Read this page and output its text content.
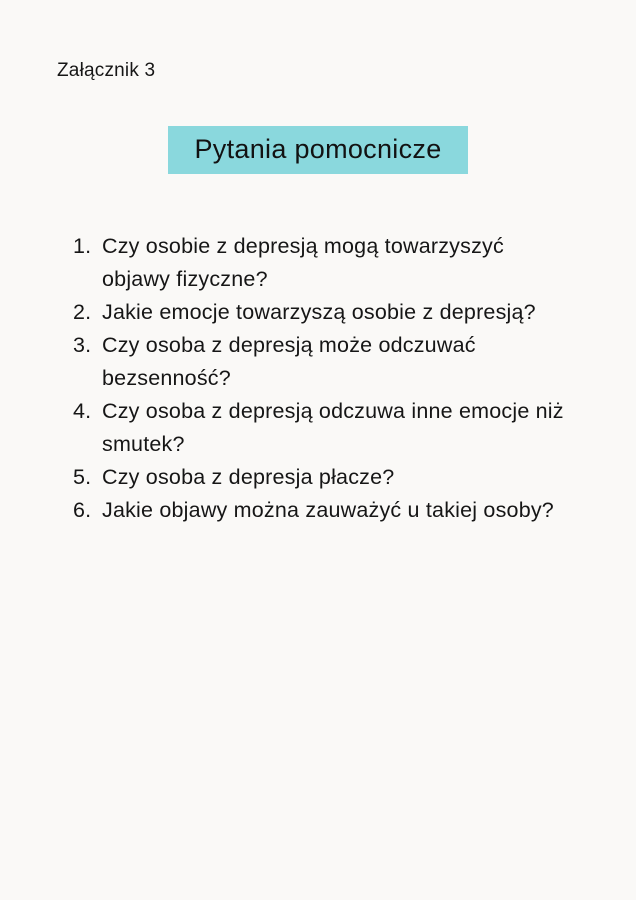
Załącznik 3
Pytania pomocnicze
1. Czy osobie z depresją mogą towarzyszyć objawy fizyczne?
2. Jakie emocje towarzyszą osobie z depresją?
3. Czy osoba z depresją może odczuwać bezsenność?
4. Czy osoba z depresją odczuwa inne emocje niż smutek?
5. Czy osoba z depresja płacze?
6. Jakie objawy można zauważyć u takiej osoby?
